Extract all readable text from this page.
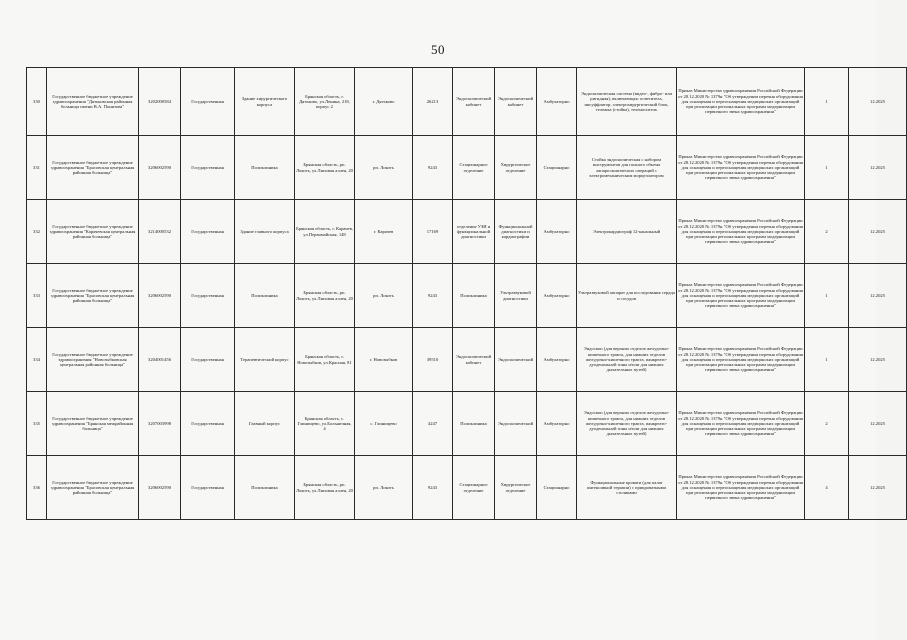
50
330	Государственное бюджетное учреждение здравоохранения "Дятьковская районная больница имени В.А. Понизова"	3202000584	Государственная	Здание хирургического корпуса	Брянская область, г. Дятьково, ул.Ленина, 218, корпус 2	г. Дятьково	26213	Эндоскопический кабинет	Эндоскопический кабинет	Амбулаторно	Эндоскопическая система (видео-, фибро- или ригидная), включающая: осветитель, инсуффлятор, электрохирургический блок, тележка (стойка), теленоситель	Приказ Министерства здравоохранения Российской Федерации от 28.12.2020 № 1379н "Об утверждении перечня оборудования для оснащения и переоснащения медицинских организаций при реализации региональных программ модернизации первичного звена здравоохранения"	1	12.2025
331	Государственное бюджетное учреждение здравоохранения "Брасовская центральная районная больница"	3206002590	Государственная	Поликлиника	Брянская область, рп. Локоть, ул.Липовая аллея, 20	рп. Локоть	9243	Стационарное отделение	Хирургическое отделение	Стационарно	Стойка эндоскопическая с набором инструментов для полного объема лапароскопических операций с электромеханическим морцеллатором	Приказ Министерства здравоохранения Российской Федерации от 28.12.2020 № 1379н "Об утверждении перечня оборудования для оснащения и переоснащения медицинских организаций при реализации региональных программ модернизации первичного звена здравоохранения"	1	12.2025
332	Государственное бюджетное учреждение здравоохранения "Карачевская центральная районная больница"	3214000532	Государственная	Здание главного корпуса	Брянская область, г. Карачев, ул.Первомайская, 148	г. Карачев	17169	отделение УЗИ и функциональной диагностики	Функциональной диагностики и кардиографии	Амбулаторно	Электрокардиограф 12-канальный	Приказ Министерства здравоохранения Российской Федерации от 28.12.2020 № 1379н "Об утверждении перечня оборудования для оснащения и переоснащения медицинских организаций при реализации региональных программ модернизации первичного звена здравоохранения"	2	12.2025
333	Государственное бюджетное учреждение здравоохранения "Брасовская центральная районная больница"	3206002590	Государственная	Поликлиника	Брянская область, рп. Локоть, ул.Липовая аллея, 20	рп. Локоть	9243	Поликлиника	Ультразвуковой диагностики	Амбулаторно	Ультразвуковой аппарат для исследования сердца и сосудов	Приказ Министерства здравоохранения Российской Федерации от 28.12.2020 № 1379н "Об утверждении перечня оборудования для оснащения и переоснащения медицинских организаций при реализации региональных программ модернизации первичного звена здравоохранения"	1	12.2025
334	Государственное бюджетное учреждение здравоохранения "Новозыбковская центральная районная больница"	3204001456	Государственная	Терапевтический корпус	Брянская область, г. Новозыбков, ул.Красная, 81	г. Новозыбков	39510	Эндоскопический кабинет	Эндоскопический	Амбулаторно	Эндоскоп (для верхних отделов желудочно-кишечного тракта, для нижних отделов желудочно-кишечного тракта, панкреато-дуоденальной зоны и/или для нижних дыхательных путей)	Приказ Министерства здравоохранения Российской Федерации от 28.12.2020 № 1379н "Об утверждении перечня оборудования для оснащения и переоснащения медицинских организаций при реализации региональных программ модернизации первичного звена здравоохранения"	1	12.2025
335	Государственное бюджетное учреждение здравоохранения "Брянская межрайонная больница"	3207003998	Государственная	Главный корпус	Брянская область, с. Глинищево, ул.Больничная, 4	с. Глинищево	4247	Поликлиника	Эндоскопический	Амбулаторно	Эндоскоп (для верхних отделов желудочно- кишечного тракта, для нижних отделов желудочно-кишечного тракта, панкреато-дуоденальной зоны и/или для нижних дыхательных путей)	Приказ Министерства здравоохранения Российской Федерации от 28.12.2020 № 1379н "Об утверждении перечня оборудования для оснащения и переоснащения медицинских организаций при реализации региональных программ модернизации первичного звена здравоохранения"	2	12.2025
336	Государственное бюджетное учреждение здравоохранения "Брасовская центральная районная больница"	3206002590	Государственная	Поликлиника	Брянская область, рп. Локоть, ул.Липовая аллея, 20	рп. Локоть	9243	Стационарное отделение	Хирургическое отделение	Стационарно	Функциональные кровати (для палат интенсивной терапии) с прикроватными столиками	Приказ Министерства здравоохранения Российской Федерации от 28.12.2020 № 1379н "Об утверждении перечня оборудования для оснащения и переоснащения медицинских организаций при реализации региональных программ модернизации первичного звена здравоохранения"	4	12.2025
